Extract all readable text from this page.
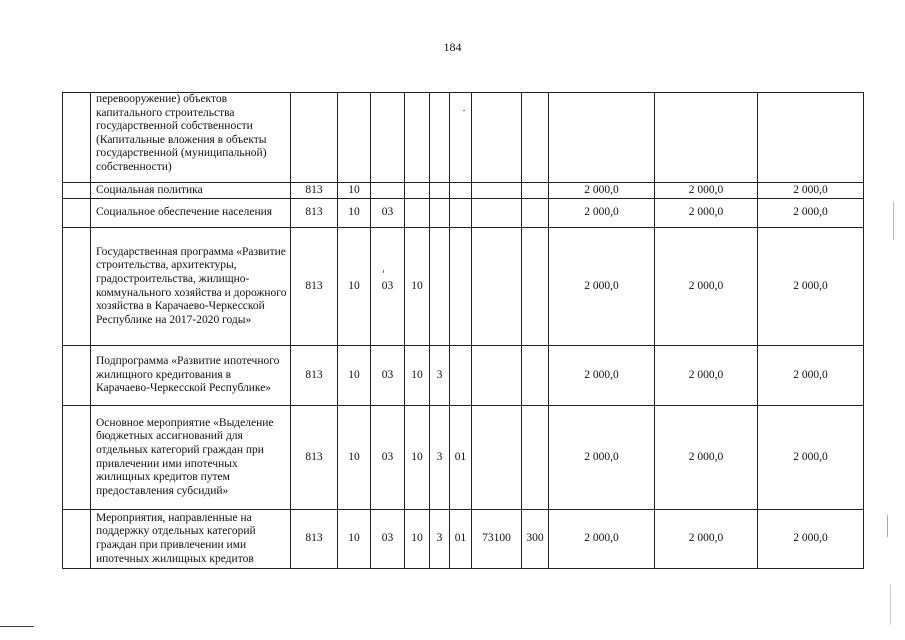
184
	перевооружение) объектов капитального строительства государственной собственности (Капитальные вложения в объекты государственной (муниципальной) собственности)											
	Социальная политика	813	10							2 000,0	2 000,0	2 000,0
	Социальное обеспечение населения	813	10	03						2 000,0	2 000,0	2 000,0
	Государственная программа «Развитие строительства, архитектуры, градостроительства, жилищно-коммунального хозяйства и дорожного хозяйства в Карачаево-Черкесской Республике на 2017-2020 годы»	813	10	03	10					2 000,0	2 000,0	2 000,0
	Подпрограмма «Развитие ипотечного жилищного кредитования в Карачаево-Черкесской Республике»	813	10	03	10	3				2 000,0	2 000,0	2 000,0
	Основное мероприятие «Выделение бюджетных ассигнований для отдельных категорий граждан при привлечении ими ипотечных жилищных кредитов путем предоставления субсидий»	813	10	03	10	3	01			2 000,0	2 000,0	2 000,0
	Мероприятия, направленные на поддержку отдельных категорий граждан при привлечении ими ипотечных жилищных кредитов	813	10	03	10	3	01	73100	300	2 000,0	2 000,0	2 000,0
